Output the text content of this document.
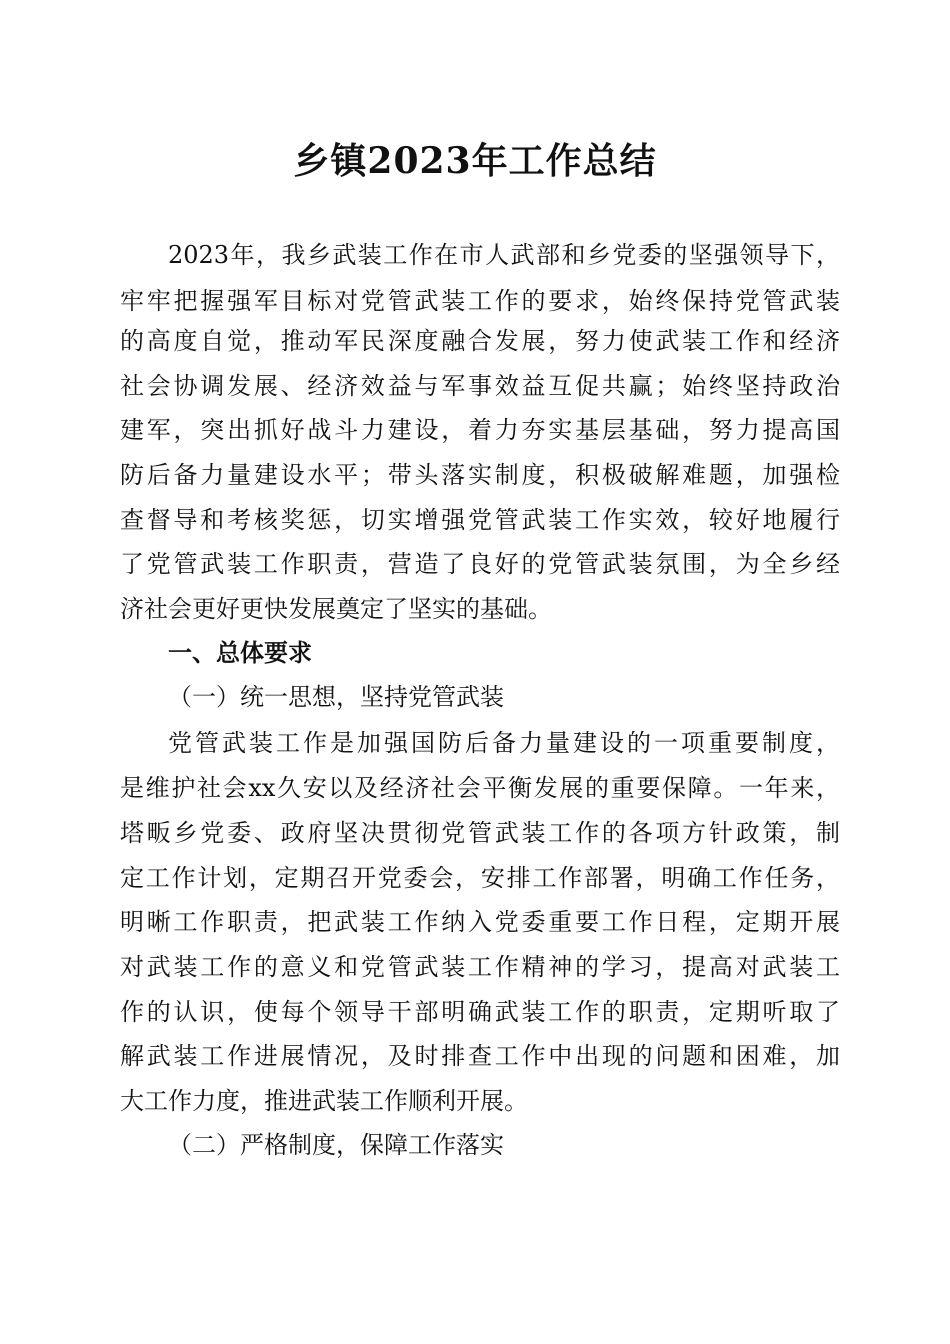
乡镇2023年工作总结

2023年，我乡武装工作在市人武部和乡党委的坚强领导下，

牢牢把握强军目标对党管武装工作的要求，始终保持党管武装

的高度自觉，推动军民深度融合发展，努力使武装工作和经济

社会协调发展、经济效益与军事效益互促共赢；始终坚持政治

建军，突出抓好战斗力建设，着力夯实基层基础，努力提高国

防后备力量建设水平；带头落实制度，积极破解难题，加强检

查督导和考核奖惩，切实增强党管武装工作实效，较好地履行

了党管武装工作职责，营造了良好的党管武装氛围，为全乡经

济社会更好更快发展奠定了坚实的基础。

一、总体要求

（一）统一思想，坚持党管武装

党管武装工作是加强国防后备力量建设的一项重要制度，

是维护社会xx久安以及经济社会平衡发展的重要保障。一年来，

塔畈乡党委、政府坚决贯彻党管武装工作的各项方针政策，制

定工作计划，定期召开党委会，安排工作部署，明确工作任务，

明晰工作职责，把武装工作纳入党委重要工作日程，定期开展

对武装工作的意义和党管武装工作精神的学习，提高对武装工

作的认识，使每个领导干部明确武装工作的职责，定期听取了

解武装工作进展情况，及时排查工作中出现的问题和困难，加

大工作力度，推进武装工作顺利开展。

（二）严格制度，保障工作落实
